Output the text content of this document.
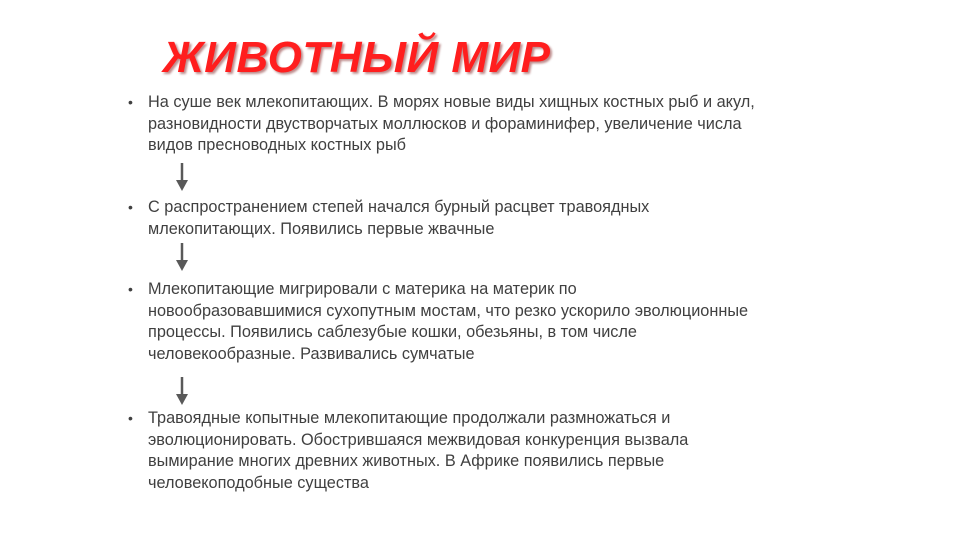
ЖИВОТНЫЙ МИР
• На суше век млекопитающих. В морях новые виды хищных костных рыб и акул,
разновидности двустворчатых моллюсков и фораминифер, увеличение числа
видов пресноводных костных рыб
• С распространением степей начался бурный расцвет травоядных
млекопитающих. Появились первые жвачные
• Млекопитающие мигрировали с материка на материк по
новообразовавшимися сухопутным мостам, что резко ускорило эволюционные
процессы. Появились саблезубые кошки, обезьяны, в том числе
человекообразные. Развивались сумчатые
• Травоядные копытные млекопитающие продолжали размножаться и
эволюционировать. Обострившаяся межвидовая конкуренция вызвала
вымирание многих древних животных. В Африке появились первые
человекоподобные существа
